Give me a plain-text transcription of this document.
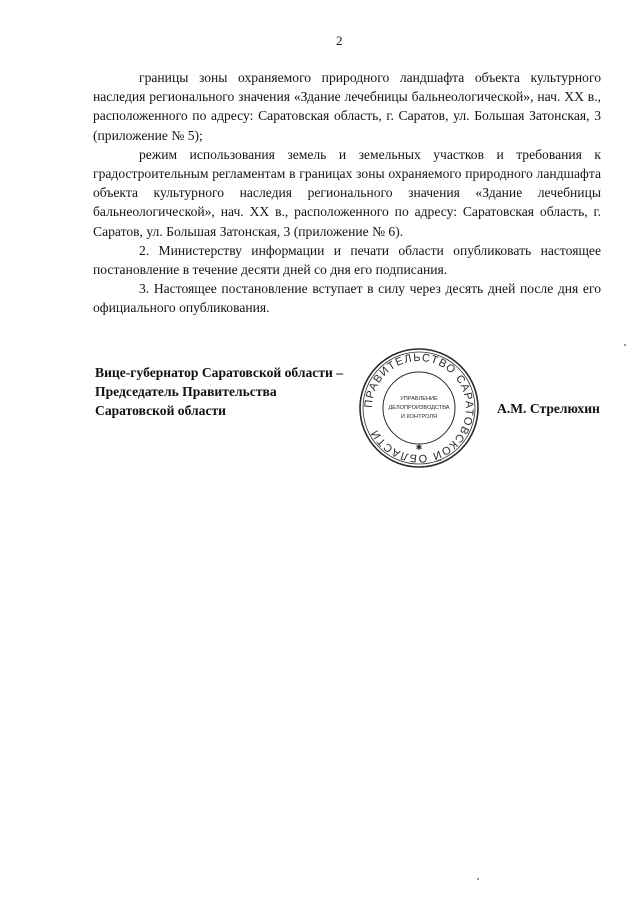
2

границы зоны охраняемого природного ландшафта объекта культурного наследия регионального значения «Здание лечебницы бальнеологической», нач. XX в., расположенного по адресу: Саратовская область, г. Саратов, ул. Большая Затонская, 3 (приложение № 5);

режим использования земель и земельных участков и требования к градостроительным регламентам в границах зоны охраняемого природного ландшафта объекта культурного наследия регионального значения «Здание лечебницы бальнеологической», нач. XX в., расположенного по адресу: Саратовская область, г. Саратов, ул. Большая Затонская, 3 (приложение № 6).

2. Министерству информации и печати области опубликовать настоящее постановление в течение десяти дней со дня его подписания.

3. Настоящее постановление вступает в силу через десять дней после дня его официального опубликования.

Вице-губернатор Саратовской области –
Председатель Правительства
Саратовской области	А.М. Стрелюхин
ПРАВИТЕЛЬСТВО САРАТОВСКОЙ ОБЛАСТИ
УПРАВЛЕНИЕ
ДЕЛОПРОИЗВОДСТВА
И КОНТРОЛЯ
✱
